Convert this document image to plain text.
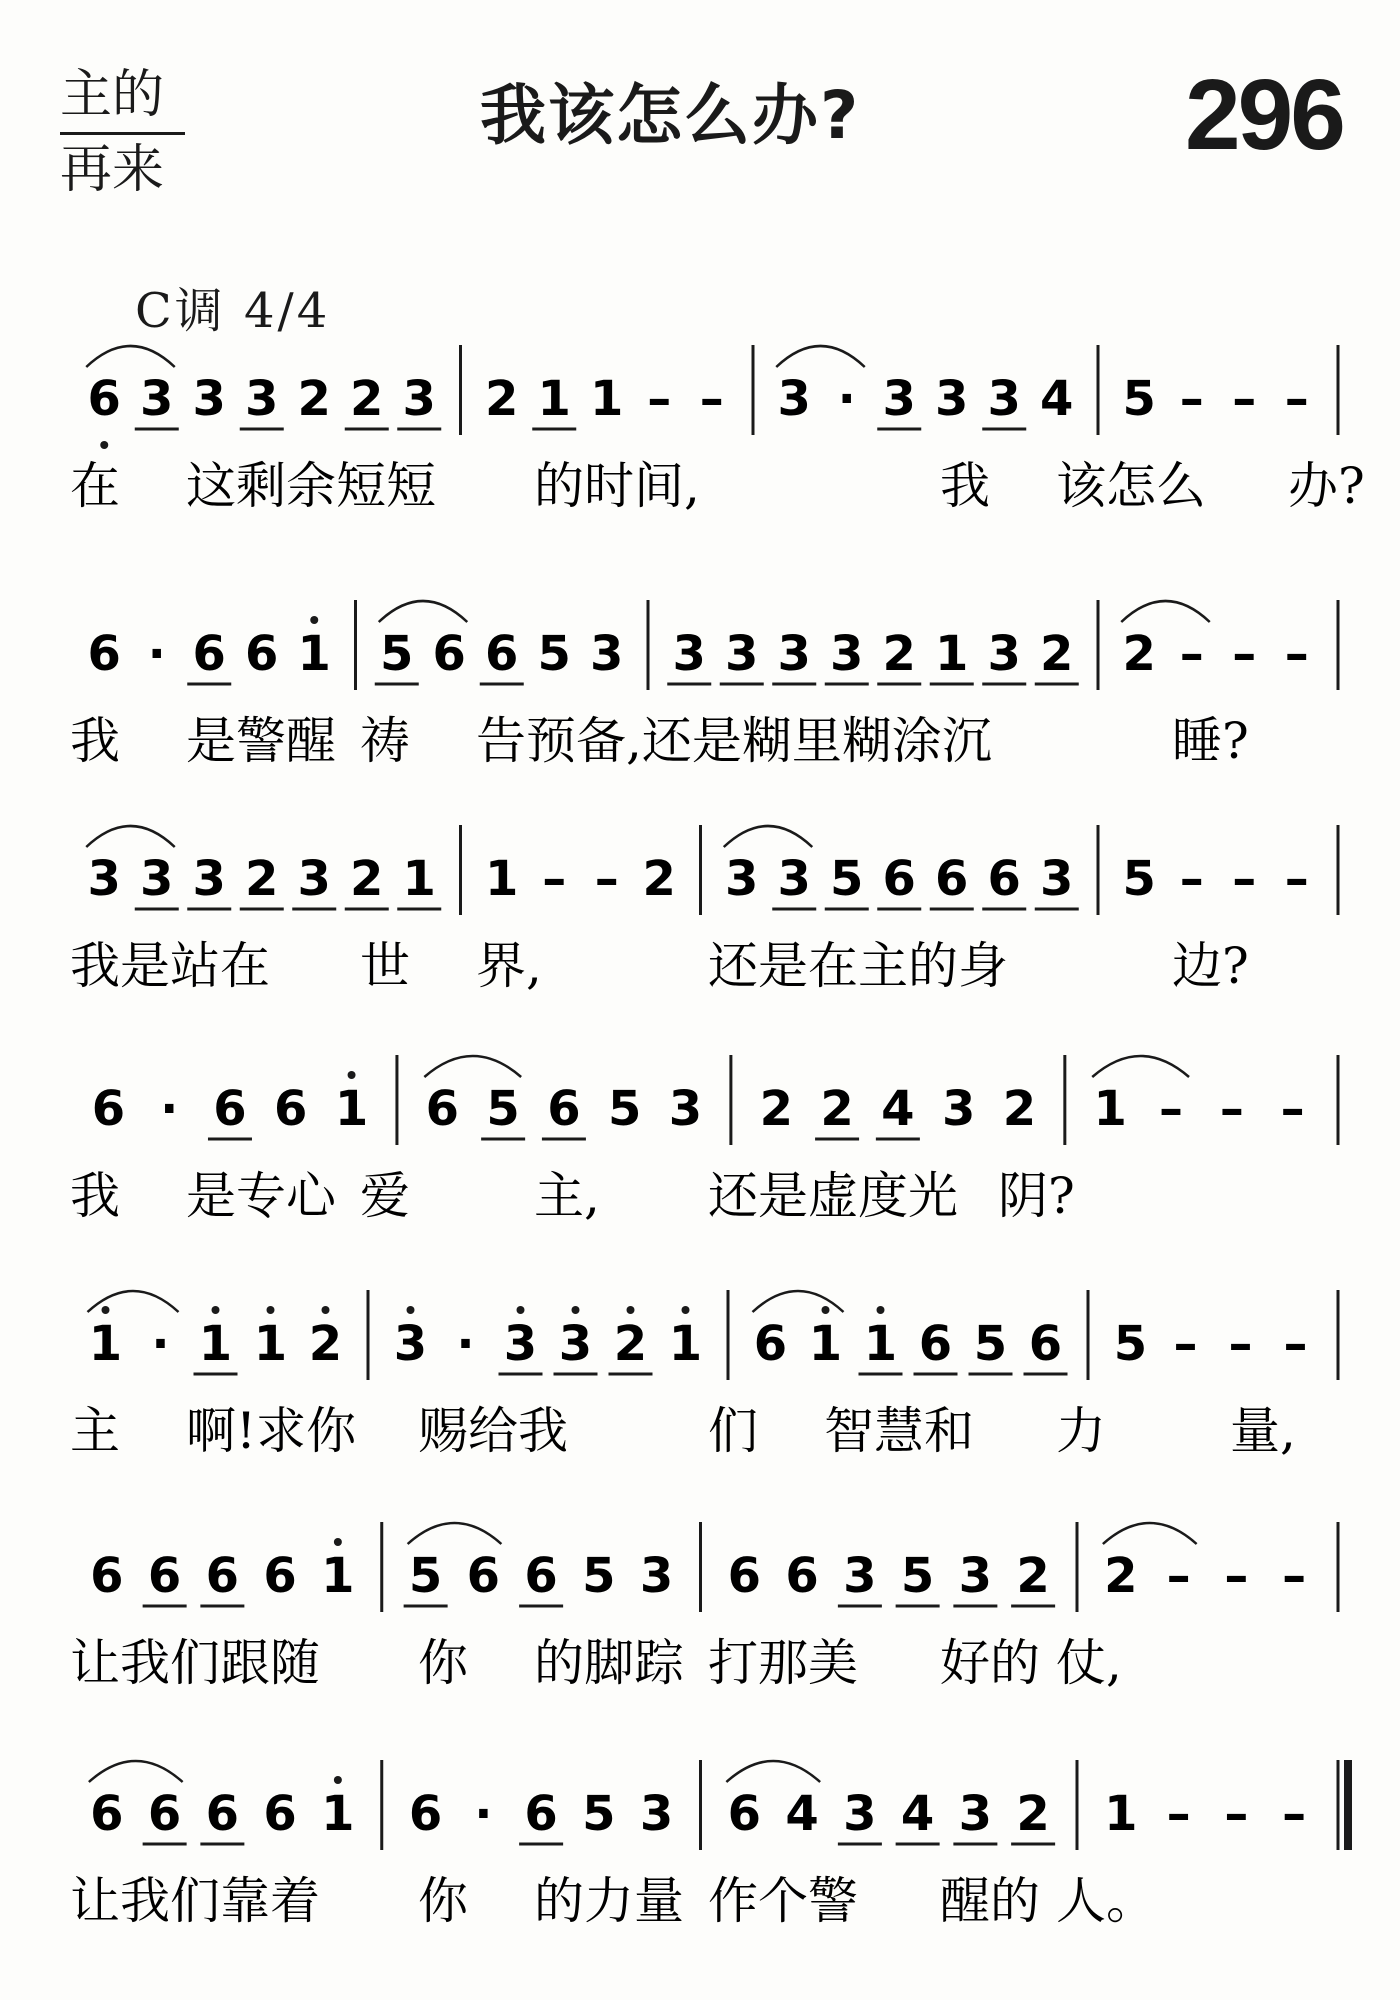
主的
再来
我该怎么办?	296
C调 4/4
6 3 3 3 2 2 3 2 1 1 – – 3 · 3 3 3 4 5 – – –
在 这剩余短短 的时间,	我 该怎么 办?
6 · 6 6 1 5 6 6 5 3 3 3 3 3 2 1 3 2 2 – – –
我 是警醒 祷 告预备,还是糊里糊涂沉	睡?
3 3 3 2 3 2 1 1 – – 2 3 3 5 6 6 6 3 5 – – –
我是站在 世 界,	还是在主的身	边?
6 · 6 6 1 6 5 6 5 3 2 2 4 3 2 1 – – –
我 是专心 爱 主, 还是虚度光 阴?
1 · 1 1 2 3 · 3 3 2 1 6 1 1 6 5 6 5 – – –
主 啊!求你 赐给我	们 智慧和 力 量,
6 6 6 6 1 5 6 6 5 3 6 6 3 5 3 2 2 – – –
让我们跟随 你 的脚踪 打那美 好的 仗,
6 6 6 6 1 6 · 6 5 3 6 4 3 4 3 2 1 – – –
让我们靠着 你 的力量 作个警 醒的 人。
